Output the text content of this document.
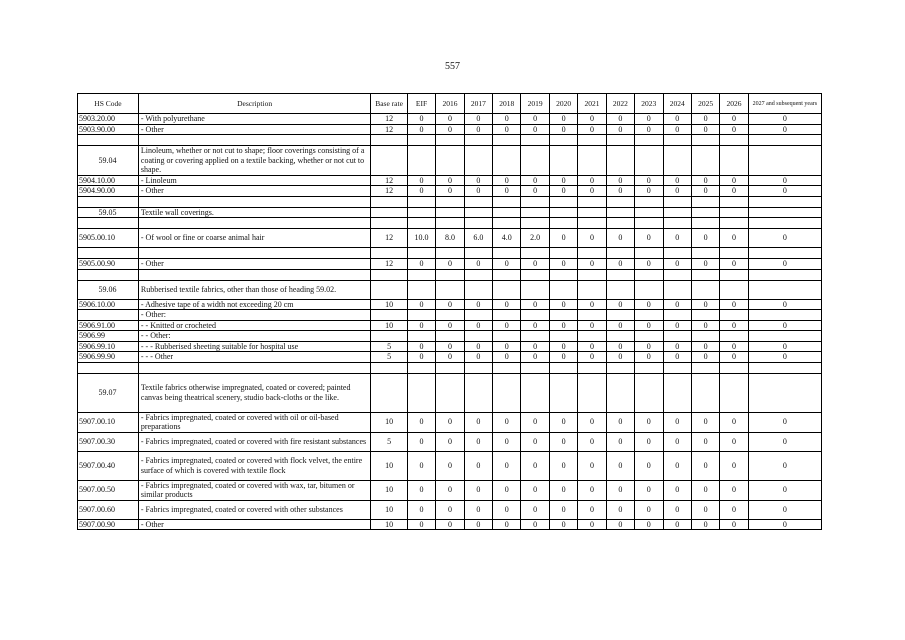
557
HS Code	Description	Base rate	EIF	2016	2017	2018	2019	2020	2021	2022	2023	2024	2025	2026	2027 and subsequent years
5903.20.00	- With polyurethane	12	0	0	0	0	0	0	0	0	0	0	0	0	0
5903.90.00	- Other	12	0	0	0	0	0	0	0	0	0	0	0	0	0

59.04	Linoleum, whether or not cut to shape; floor coverings consisting of a coating or covering applied on a textile backing, whether or not cut to shape.														
5904.10.00	- Linoleum	12	0	0	0	0	0	0	0	0	0	0	0	0	0
5904.90.00	- Other	12	0	0	0	0	0	0	0	0	0	0	0	0	0

59.05	Textile wall coverings.														

5905.00.10	- Of wool or fine or coarse animal hair	12	10.0	8.0	6.0	4.0	2.0	0	0	0	0	0	0	0	0

5905.00.90	- Other	12	0	0	0	0	0	0	0	0	0	0	0	0	0

59.06	Rubberised textile fabrics, other than those of heading 59.02.														
5906.10.00	- Adhesive tape of a width not exceeding 20 cm	10	0	0	0	0	0	0	0	0	0	0	0	0	0
	- Other:														
5906.91.00	- - Knitted or crocheted	10	0	0	0	0	0	0	0	0	0	0	0	0	0
5906.99	- - Other:														
5906.99.10	- - - Rubberised sheeting suitable for hospital use	5	0	0	0	0	0	0	0	0	0	0	0	0	0
5906.99.90	- - - Other	5	0	0	0	0	0	0	0	0	0	0	0	0	0

59.07	Textile fabrics otherwise impregnated, coated or covered; painted canvas being theatrical scenery, studio back-cloths or the like.														
5907.00.10	- Fabrics impregnated, coated or covered with oil or oil-based preparations	10	0	0	0	0	0	0	0	0	0	0	0	0	0
5907.00.30	- Fabrics impregnated, coated or covered with fire resistant substances	5	0	0	0	0	0	0	0	0	0	0	0	0	0
5907.00.40	- Fabrics impregnated, coated or covered with flock velvet, the entire surface of which is covered with textile flock	10	0	0	0	0	0	0	0	0	0	0	0	0	0
5907.00.50	- Fabrics impregnated, coated or covered with wax, tar, bitumen or similar products	10	0	0	0	0	0	0	0	0	0	0	0	0	0
5907.00.60	- Fabrics impregnated, coated or covered with other substances	10	0	0	0	0	0	0	0	0	0	0	0	0	0
5907.00.90	- Other	10	0	0	0	0	0	0	0	0	0	0	0	0	0
